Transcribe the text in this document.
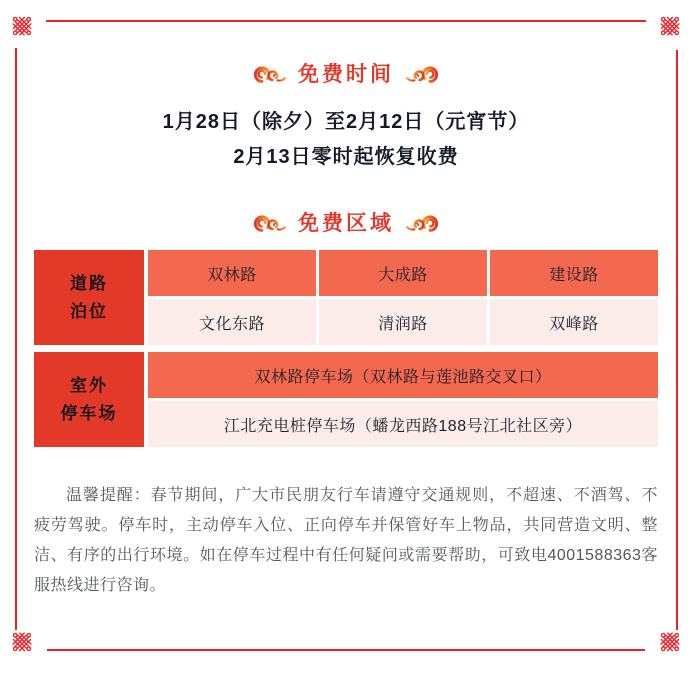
免费时间

1月28日（除夕）至2月12日（元宵节）

2月13日零时起恢复收费

免费区域
道路
泊位
双林路	大成路	建设路
文化东路	清润路	双峰路
室外
停车场
双林路停车场（双林路与莲池路交叉口）
江北充电桩停车场（蟠龙西路188号江北社区旁）

温馨提醒：春节期间，广大市民朋友行车请遵守交通规则，不超速、不酒驾、不疲劳驾驶。停车时，主动停车入位、正向停车并保管好车上物品，共同营造文明、整洁、有序的出行环境。如在停车过程中有任何疑问或需要帮助，可致电4001588363客服热线进行咨询。
